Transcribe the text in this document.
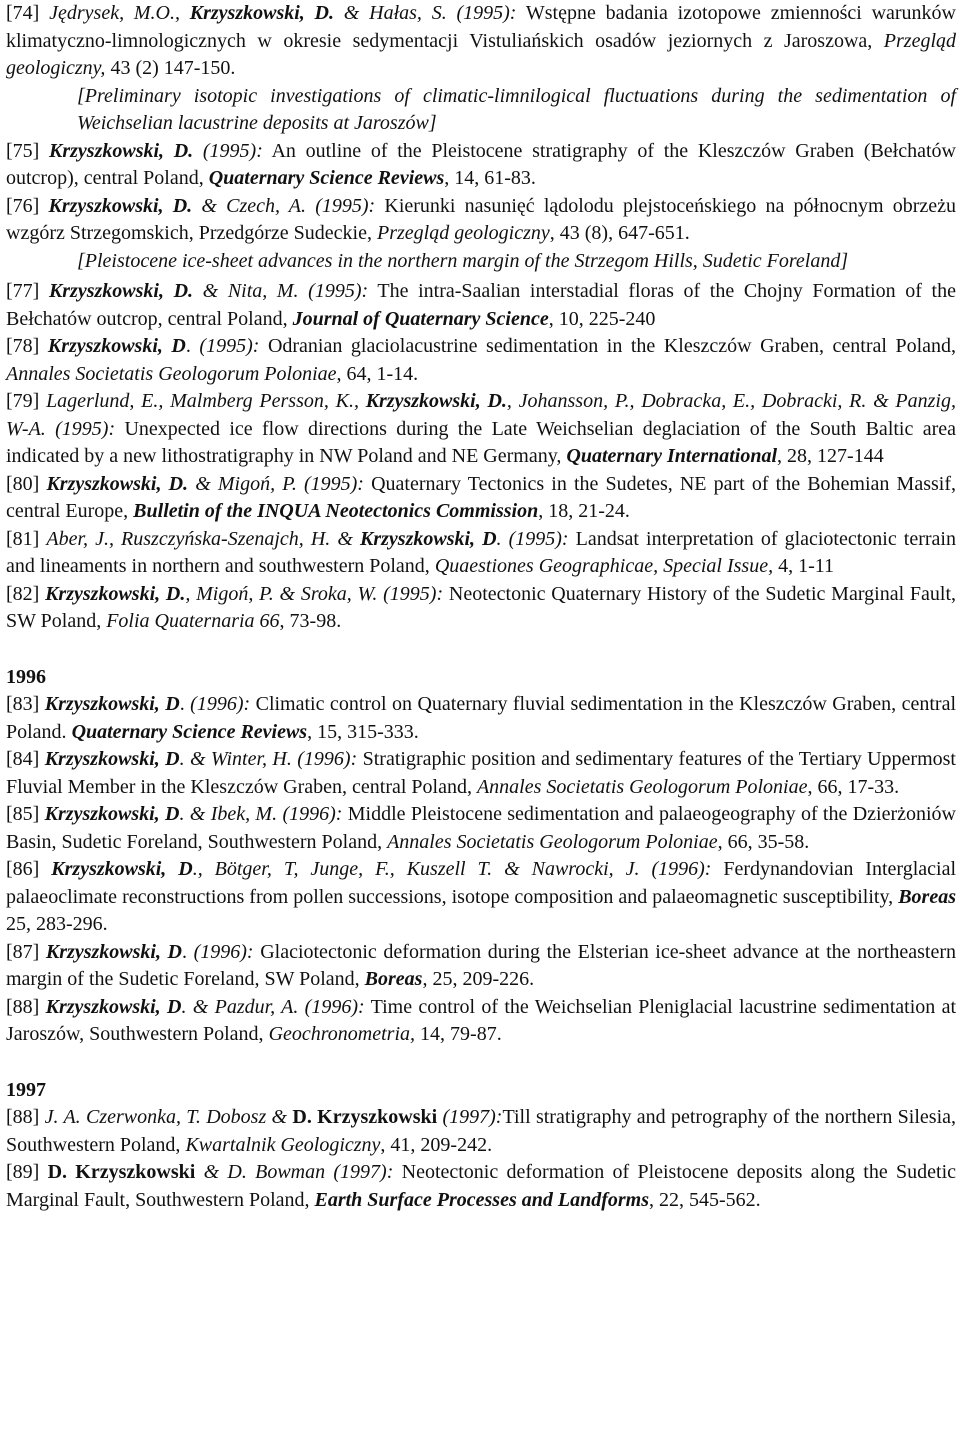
[74] Jędrysek, M.O., Krzyszkowski, D. & Hałas, S. (1995): Wstępne badania izotopowe zmienności warunków klimatyczno-limnologicznych w okresie sedymentacji Vistuliańskich osadów jeziornych z Jaroszowa, Przegląd geologiczny, 43 (2) 147-150.

[Preliminary isotopic investigations of climatic-limnilogical fluctuations during the sedimentation of Weichselian lacustrine deposits at Jaroszów]

[75] Krzyszkowski, D. (1995): An outline of the Pleistocene stratigraphy of the Kleszczów Graben (Bełchatów outcrop), central Poland, Quaternary Science Reviews, 14, 61-83.

[76] Krzyszkowski, D. & Czech, A. (1995): Kierunki nasunięć lądolodu plejstoceńskiego na północnym obrzeżu wzgórz Strzegomskich, Przedgórze Sudeckie, Przegląd geologiczny, 43 (8), 647-651.

[Pleistocene ice-sheet advances in the northern margin of the Strzegom Hills, Sudetic Foreland]

[77] Krzyszkowski, D. & Nita, M. (1995): The intra-Saalian interstadial floras of the Chojny Formation of the Bełchatów outcrop, central Poland, Journal of Quaternary Science, 10, 225-240

[78] Krzyszkowski, D. (1995): Odranian glaciolacustrine sedimentation in the Kleszczów Graben, central Poland, Annales Societatis Geologorum Poloniae, 64, 1-14.

[79] Lagerlund, E., Malmberg Persson, K., Krzyszkowski, D., Johansson, P., Dobracka, E., Dobracki, R. & Panzig, W-A. (1995): Unexpected ice flow directions during the Late Weichselian deglaciation of the South Baltic area indicated by a new lithostratigraphy in NW Poland and NE Germany, Quaternary International, 28, 127-144

[80] Krzyszkowski, D. & Migoń, P. (1995): Quaternary Tectonics in the Sudetes, NE part of the Bohemian Massif, central Europe, Bulletin of the INQUA Neotectonics Commission, 18, 21-24.

[81] Aber, J., Ruszczyńska-Szenajch, H. & Krzyszkowski, D. (1995): Landsat interpretation of glaciotectonic terrain and lineaments in northern and southwestern Poland, Quaestiones Geographicae, Special Issue, 4, 1-11

[82] Krzyszkowski, D., Migoń, P. & Sroka, W. (1995): Neotectonic Quaternary History of the Sudetic Marginal Fault, SW Poland, Folia Quaternaria 66, 73-98.

1996

[83] Krzyszkowski, D. (1996): Climatic control on Quaternary fluvial sedimentation in the Kleszczów Graben, central Poland. Quaternary Science Reviews, 15, 315-333.

[84] Krzyszkowski, D. & Winter, H. (1996): Stratigraphic position and sedimentary features of the Tertiary Uppermost Fluvial Member in the Kleszczów Graben, central Poland, Annales Societatis Geologorum Poloniae, 66, 17-33.

[85] Krzyszkowski, D. & Ibek, M. (1996): Middle Pleistocene sedimentation and palaeogeography of the Dzierżoniów Basin, Sudetic Foreland, Southwestern Poland, Annales Societatis Geologorum Poloniae, 66, 35-58.

[86] Krzyszkowski, D., Bötger, T, Junge, F., Kuszell T. & Nawrocki, J. (1996): Ferdynandovian Interglacial palaeoclimate reconstructions from pollen successions, isotope composition and palaeomagnetic susceptibility, Boreas 25, 283-296.

[87] Krzyszkowski, D. (1996): Glaciotectonic deformation during the Elsterian ice-sheet advance at the northeastern margin of the Sudetic Foreland, SW Poland, Boreas, 25, 209-226.

[88] Krzyszkowski, D. & Pazdur, A. (1996): Time control of the Weichselian Pleniglacial lacustrine sedimentation at Jaroszów, Southwestern Poland, Geochronometria, 14, 79-87.

1997

[88] J. A. Czerwonka, T. Dobosz & D. Krzyszkowski (1997):Till stratigraphy and petrography of the northern Silesia, Southwestern Poland, Kwartalnik Geologiczny, 41, 209-242.

[89] D. Krzyszkowski & D. Bowman (1997): Neotectonic deformation of Pleistocene deposits along the Sudetic Marginal Fault, Southwestern Poland, Earth Surface Processes and Landforms, 22, 545-562.
